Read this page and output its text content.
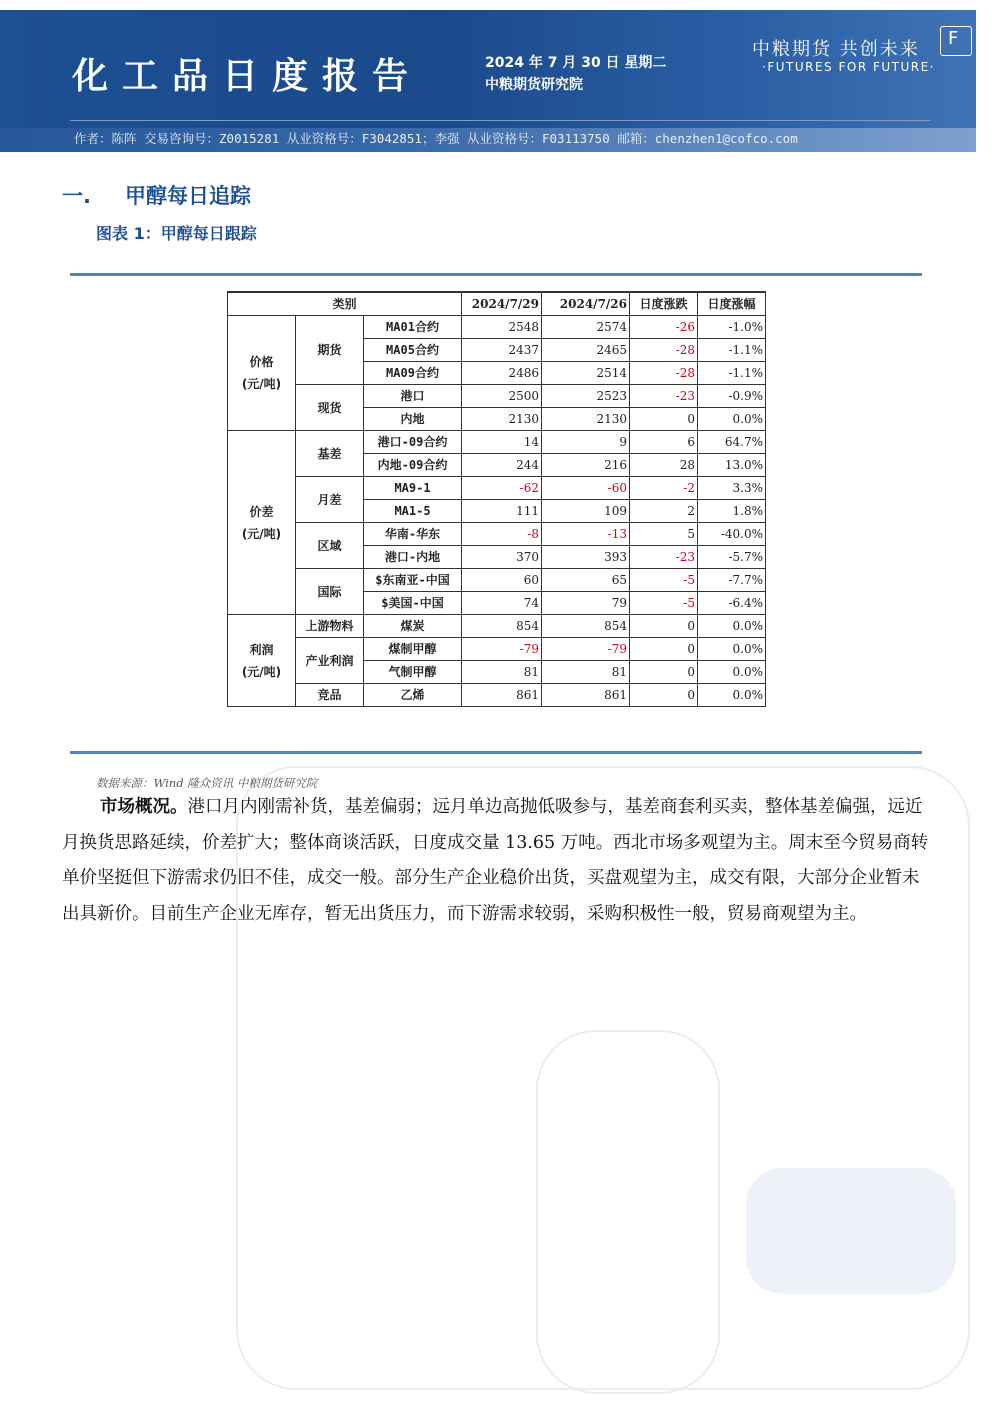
化工品日度报告	2024 年 7 月 30 日 星期二
中粮期货研究院
中粮期货 共创未来
·FUTURES FOR FUTURE·
F
作者：陈阵 交易咨询号：Z0015281 从业资格号：F3042851；李强 从业资格号：F03113750 邮箱：chenzhen1@cofco.com
一. 甲醇每日追踪
图表 1：甲醇每日跟踪
类别			2024/7/29	2024/7/26	日度涨跌	日度涨幅
价格
(元/吨)	期货	MA01合约	2548	2574	-26	-1.0%
		MA05合约	2437	2465	-28	-1.1%
		MA09合约	2486	2514	-28	-1.1%
	现货	港口	2500	2523	-23	-0.9%
		内地	2130	2130	0	0.0%
价差
(元/吨)	基差	港口-09合约	14	9	6	64.7%
		内地-09合约	244	216	28	13.0%
	月差	MA9-1	-62	-60	-2	3.3%
		MA1-5	111	109	2	1.8%
	区域	华南-华东	-8	-13	5	-40.0%
		港口-内地	370	393	-23	-5.7%
	国际	$东南亚-中国	60	65	-5	-7.7%
		$美国-中国	74	79	-5	-6.4%
利润
(元/吨)	上游物料	煤炭	854	854	0	0.0%
	产业利润	煤制甲醇	-79	-79	0	0.0%
		气制甲醇	81	81	0	0.0%
	竞品	乙烯	861	861	0	0.0%
数据来源：Wind 隆众资讯 中粮期货研究院
市场概况。港口月内刚需补货，基差偏弱；远月单边高抛低吸参与，基差商套利买卖，整体基差偏强，远近月换货思路延续，价差扩大；整体商谈活跃，日度成交量 13.65 万吨。西北市场多观望为主。周末至今贸易商转单价坚挺但下游需求仍旧不佳，成交一般。部分生产企业稳价出货，买盘观望为主，成交有限，大部分企业暂未出具新价。目前生产企业无库存，暂无出货压力，而下游需求较弱，采购积极性一般，贸易商观望为主。
